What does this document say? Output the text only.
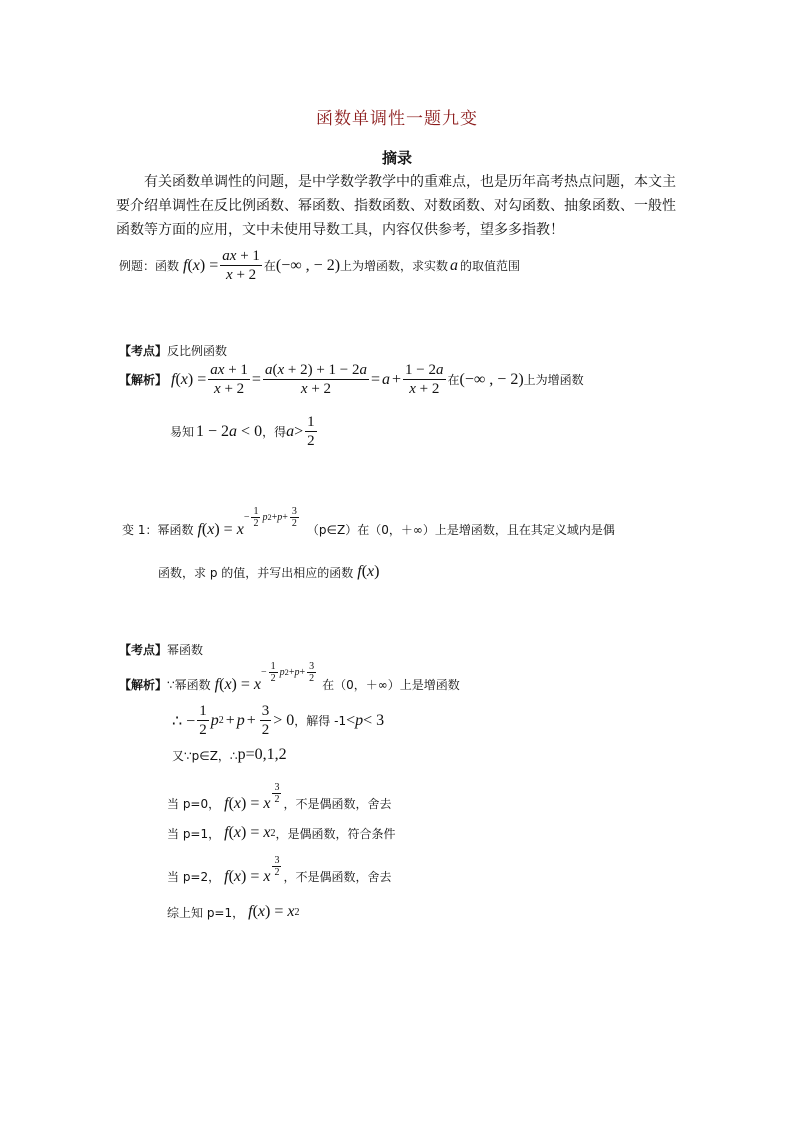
函数单调性一题九变
摘录
有关函数单调性的问题，是中学数学教学中的重难点，也是历年高考热点问题，本文主要介绍单调性在反比例函数、幂函数、指数函数、对数函数、对勾函数、抽象函数、一般性函数等方面的应用，文中未使用导数工具，内容仅供参考，望多多指教！
例题：函数 f ( x ) = $\frac{ax + 1}{x + 2}$ 在 (−∞ , − 2) 上为增函数，求实数 a 的取值范围
【考点】 反比例函数
【解析】 f ( x ) = $\frac{ax + 1}{x + 2} = \frac{a(x + 2) + 1 - 2a}{x + 2} = a + \frac{1 - 2a}{x + 2}$ 在 (−∞ , − 2) 上为增函数
易知 1 − 2a < 0 ，得 $a > \frac{1}{2}$
变 1：幂函数 f ( x ) = x
− $\frac{1}{2}$ p $2 + p + \frac{3}{2}$
（p∈Z）在（0，＋∞）上是增函数，且在其定义域内是偶
函数，求 p 的值，并写出相应的函数 f ( x )
【考点】 幂函数
【解析】 ∵幂函数 f ( x ) = x
− $\frac{1}{2}$ p $2 + p + \frac{3}{2}$
在（0，＋∞）上是增函数
∴ − $\frac{1}{2}$ p $2 + p + \frac{3}{2} > 0$ ，解得 -1 < p < 3
又∵p∈Z，∴ p=0,1,2
当 p=0， f ( x ) = x $\frac{3}{2}$ ，不是偶函数，舍去
当 p=1， f ( x ) = x 2 ，是偶函数，符合条件
当 p=2， f ( x ) = x $\frac{3}{2}$ ，不是偶函数，舍去
综上知 p=1， f ( x ) = x 2
